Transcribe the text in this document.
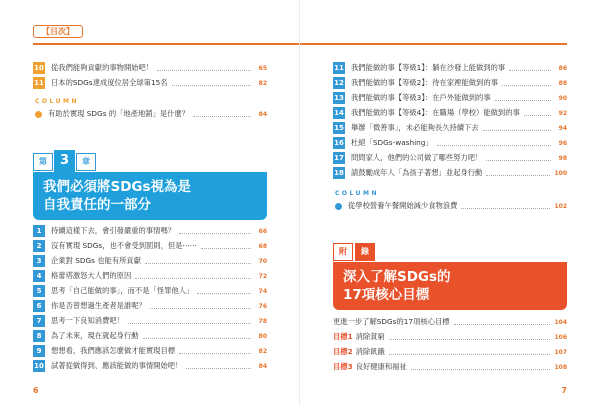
【目次】
10 從我們能夠貢獻的事物開始吧！	65
11 日本的SDGs達成度位居全球第15名	82
COLUMN
有助於實現 SDGs 的「地產地銷」是什麼？	84
第 3	章
我們必須將SDGs視為是
自我責任的一部分
1	持續這樣下去，會引發嚴重的事情嗎？	66
2	沒有實現 SDGs，也不會受到罰則，但是⋯⋯	68
3	企業對 SDGs 也能有所貢獻	70
4	格蕾塔激怒大人們的原因	72
5	思考「自己能做的事」，而不是「怪罪他人」	74
6	你是否曾想過生產者是誰呢？	76
7	思考一下良知消費吧！	78
8	為了未來，現在就起身行動	80
9	想想看，我們應該怎麼做才能實現目標	82
10 試著從做得到、應該能做的事情開始吧！	84
6
11 我們能做的事【等級1】：躺在沙發上能做到的事	86
12 我們能做的事【等級2】：待在家裡能做到的事	88
13 我們能做的事【等級3】：在戶外能做到的事	90
14 我們能做的事【等級4】：在職場（學校）能做到的事	92
15 舉辦「微善事」，未必能夠長久持續下去	94
16 杜絕「SDGs-washing」	96
17 問問家人，他們的公司做了哪些努力吧！	98
18 請鼓勵成年人「為孩子著想」並起身行動	100
COLUMN
從學校營養午餐開始減少食物浪費	102
附	錄
深入了解SDGs的
17項核心目標
更進一步了解SDGs的17項核心目標	104
目標1 消除貧窮	106
目標2 消除飢餓	107
目標3 良好健康和福祉	108
7
